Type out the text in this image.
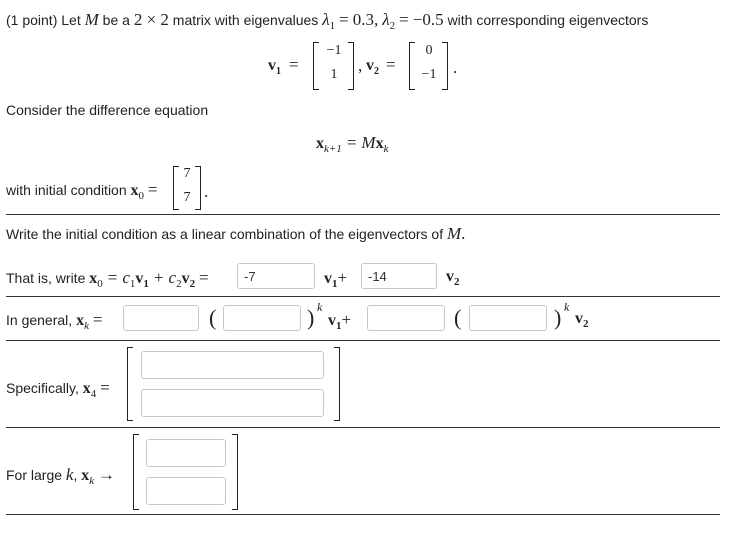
(1 point) Let M be a 2 × 2 matrix with eigenvalues $\lambda_1 = 0.3$, $\lambda_2 = -0.5$ with corresponding eigenvectors
$v_1$ =
−1
1	, $v_2$ =
0
−1 .
Consider the difference equation
$x_{k+1} = Mx_k$
with initial condition $x_0$ =
7
7 .
Write the initial condition as a linear combination of the eigenvectors of M.
That is, write $x_0 = c_1v_1 + c_2v_2$ =
-7	$v_1+$
-14	$v_2$
In general, $x_k$ =	(	) k
$v_1+$	(	) k
$v_2$
Specifically, $x_4$ =
For large k, $x_k$ →
